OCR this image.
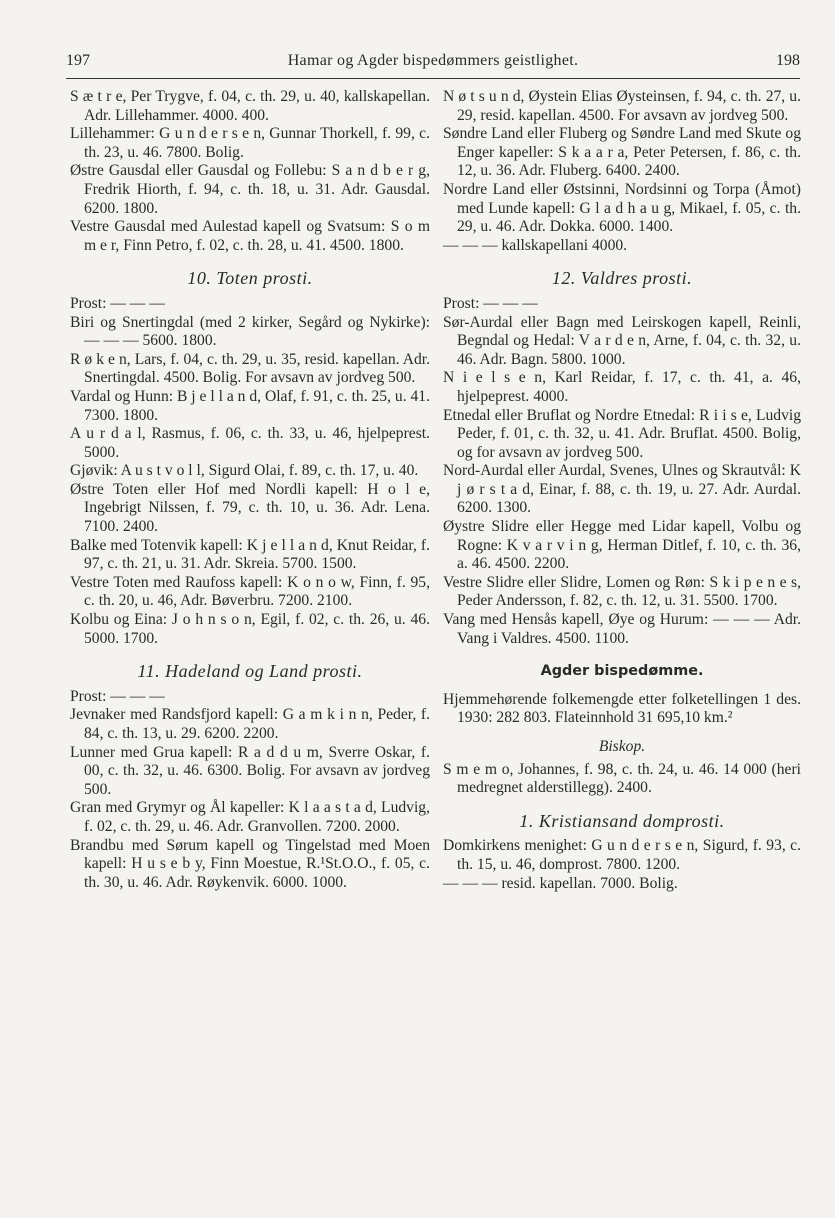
197	Hamar og Agder bispedømmers geistlighet.	198
S æ t r e, Per Trygve, f. 04, c. th. 29, u. 40, kallskapellan. Adr. Lillehammer. 4000. 400.
Lillehammer: G u n d e r s e n, Gunnar Thorkell, f. 99, c. th. 23, u. 46. 7800. Bolig.
Østre Gausdal eller Gausdal og Follebu: S a n d b e r g, Fredrik Hiorth, f. 94, c. th. 18, u. 31. Adr. Gausdal. 6200. 1800.
Vestre Gausdal med Aulestad kapell og Svatsum: S o m m e r, Finn Petro, f. 02, c. th. 28, u. 41. 4500. 1800.
10. Toten prosti.
Prost: — — —
Biri og Snertingdal (med 2 kirker, Segård og Nykirke): — — — 5600. 1800.
R ø k e n, Lars, f. 04, c. th. 29, u. 35, resid. kapellan. Adr. Snertingdal. 4500. Bolig. For avsavn av jordveg 500.
Vardal og Hunn: B j e l l a n d, Olaf, f. 91, c. th. 25, u. 41. 7300. 1800.
A u r d a l, Rasmus, f. 06, c. th. 33, u. 46, hjelpeprest. 5000.
Gjøvik: A u s t v o l l, Sigurd Olai, f. 89, c. th. 17, u. 40.
Østre Toten eller Hof med Nordli kapell: H o l e, Ingebrigt Nilssen, f. 79, c. th. 10, u. 36. Adr. Lena. 7100. 2400.
Balke med Totenvik kapell: K j e l l a n d, Knut Reidar, f. 97, c. th. 21, u. 31. Adr. Skreia. 5700. 1500.
Vestre Toten med Raufoss kapell: K o n o w, Finn, f. 95, c. th. 20, u. 46, Adr. Bøverbru. 7200. 2100.
Kolbu og Eina: J o h n s o n, Egil, f. 02, c. th. 26, u. 46. 5000. 1700.
11. Hadeland og Land prosti.
Prost: — — —
Jevnaker med Randsfjord kapell: G a m k i n n, Peder, f. 84, c. th. 13, u. 29. 6200. 2200.
Lunner med Grua kapell: R a d d u m, Sverre Oskar, f. 00, c. th. 32, u. 46. 6300. Bolig. For avsavn av jordveg 500.
Gran med Grymyr og Ål kapeller: K l a a s t a d, Ludvig, f. 02, c. th. 29, u. 46. Adr. Granvollen. 7200. 2000.
Brandbu med Sørum kapell og Tingelstad med Moen kapell: H u s e b y, Finn Moestue, R.¹St.O.O., f. 05, c. th. 30, u. 46. Adr. Røykenvik. 6000. 1000.
N ø t s u n d, Øystein Elias Øysteinsen, f. 94, c. th. 27, u. 29, resid. kapellan. 4500. For avsavn av jordveg 500.
Søndre Land eller Fluberg og Søndre Land med Skute og Enger kapeller: S k a a r a, Peter Petersen, f. 86, c. th. 12, u. 36. Adr. Fluberg. 6400. 2400.
Nordre Land eller Østsinni, Nordsinni og Torpa (Åmot) med Lunde kapell: G l a d h a u g, Mikael, f. 05, c. th. 29, u. 46. Adr. Dokka. 6000. 1400.
— — — kallskapellani 4000.
12. Valdres prosti.
Prost: — — —
Sør-Aurdal eller Bagn med Leirskogen kapell, Reinli, Begndal og Hedal: V a r d e n, Arne, f. 04, c. th. 32, u. 46. Adr. Bagn. 5800. 1000.
N i e l s e n, Karl Reidar, f. 17, c. th. 41, a. 46, hjelpeprest. 4000.
Etnedal eller Bruflat og Nordre Etnedal: R i i s e, Ludvig Peder, f. 01, c. th. 32, u. 41. Adr. Bruflat. 4500. Bolig, og for avsavn av jordveg 500.
Nord-Aurdal eller Aurdal, Svenes, Ulnes og Skrautvål: K j ø r s t a d, Einar, f. 88, c. th. 19, u. 27. Adr. Aurdal. 6200. 1300.
Øystre Slidre eller Hegge med Lidar kapell, Volbu og Rogne: K v a r v i n g, Herman Ditlef, f. 10, c. th. 36, a. 46. 4500. 2200.
Vestre Slidre eller Slidre, Lomen og Røn: S k i p e n e s, Peder Andersson, f. 82, c. th. 12, u. 31. 5500. 1700.
Vang med Hensås kapell, Øye og Hurum: — — — Adr. Vang i Valdres. 4500. 1100.
Agder bispedømme.
Hjemmehørende folkemengde etter folketellingen 1 des. 1930: 282 803. Flateinnhold 31 695,10 km.²
Biskop.
S m e m o, Johannes, f. 98, c. th. 24, u. 46. 14 000 (heri medregnet alderstillegg). 2400.
1. Kristiansand domprosti.
Domkirkens menighet: G u n d e r s e n, Sigurd, f. 93, c. th. 15, u. 46, domprost. 7800. 1200.
— — — resid. kapellan. 7000. Bolig.
